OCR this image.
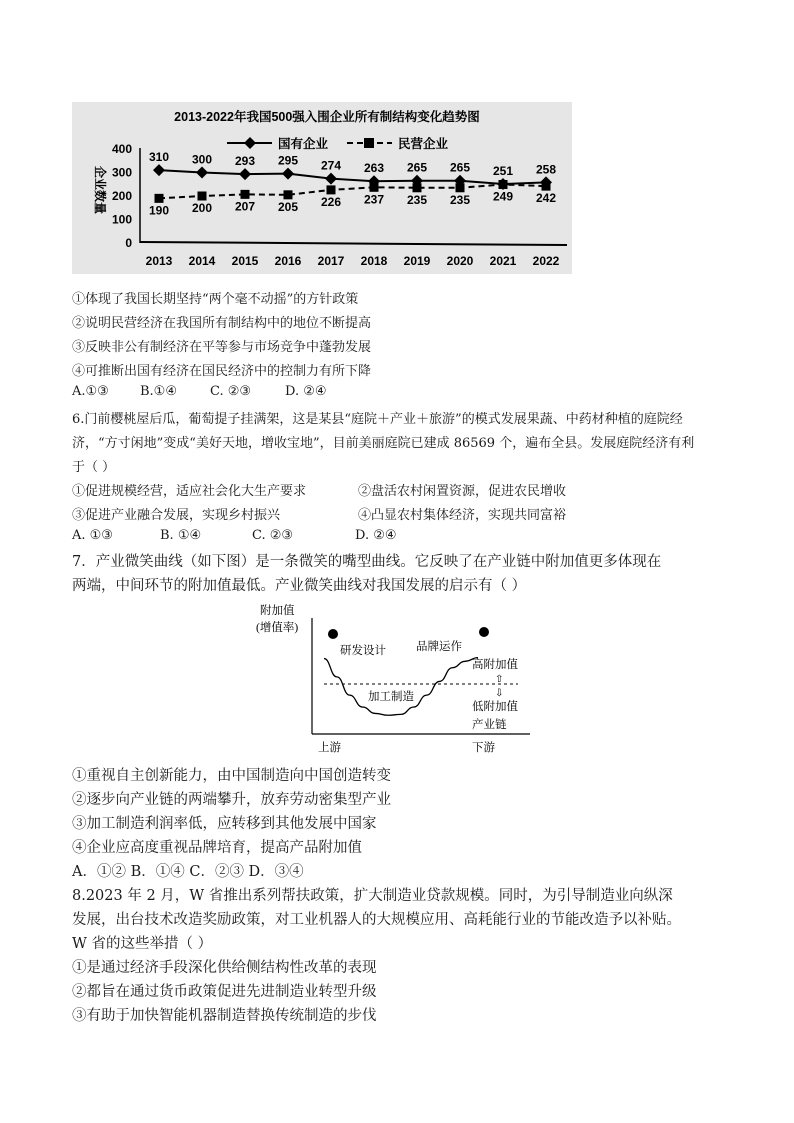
2013-2022年我国500强入围企业所有制结构变化趋势图
国有企业	民营企业
企业数量
400
300
200
100
0
2013 2014 2015 2016 2017 2018 2019 2020 2021 2022
310 300 293 295 274 263 265 265 251 258
190 200 207 205 226 237 235 235 249 242
①体现了我国长期坚持“两个毫不动摇”的方针政策
②说明民营经济在我国所有制结构中的地位不断提高
③反映非公有制经济在平等参与市场竞争中蓬勃发展
④可推断出国有经济在国民经济中的控制力有所下降
A.①③ B.①④	C. ②③	D. ②④
6.门前樱桃屋后瓜，葡萄提子挂满架，这是某县“庭院＋产业＋旅游”的模式发展果蔬、中药材种植的庭院经
济，“方寸闲地”变成“美好天地，增收宝地”，目前美丽庭院已建成 86569 个，遍布全县。发展庭院经济有利
于（ ）
①促进规模经营，适应社会化大生产要求	②盘活农村闲置资源，促进农民增收
③促进产业融合发展，实现乡村振兴	④凸显农村集体经济，实现共同富裕
A. ①③	B. ①④	C. ②③	D. ②④
7．产业微笑曲线（如下图）是一条微笑的嘴型曲线。它反映了在产业链中附加值更多体现在
两端，中间环节的附加值最低。产业微笑曲线对我国发展的启示有（ ）
附加值
(增值率)
研发设计	品牌运作
加工制造
高附加值
⇧
⇩
低附加值
产业链
上游	下游
①重视自主创新能力，由中国制造向中国创造转变
②逐步向产业链的两端攀升，放弃劳动密集型产业
③加工制造利润率低，应转移到其他发展中国家
④企业应高度重视品牌培育，提高产品附加值
A．①② B．①④ C．②③ D．③④
8.2023 年 2 月，W 省推出系列帮扶政策，扩大制造业贷款规模。同时，为引导制造业向纵深
发展，出台技术改造奖励政策，对工业机器人的大规模应用、高耗能行业的节能改造予以补贴。
W 省的这些举措（ ）
①是通过经济手段深化供给侧结构性改革的表现
②都旨在通过货币政策促进先进制造业转型升级
③有助于加快智能机器制造替换传统制造的步伐
